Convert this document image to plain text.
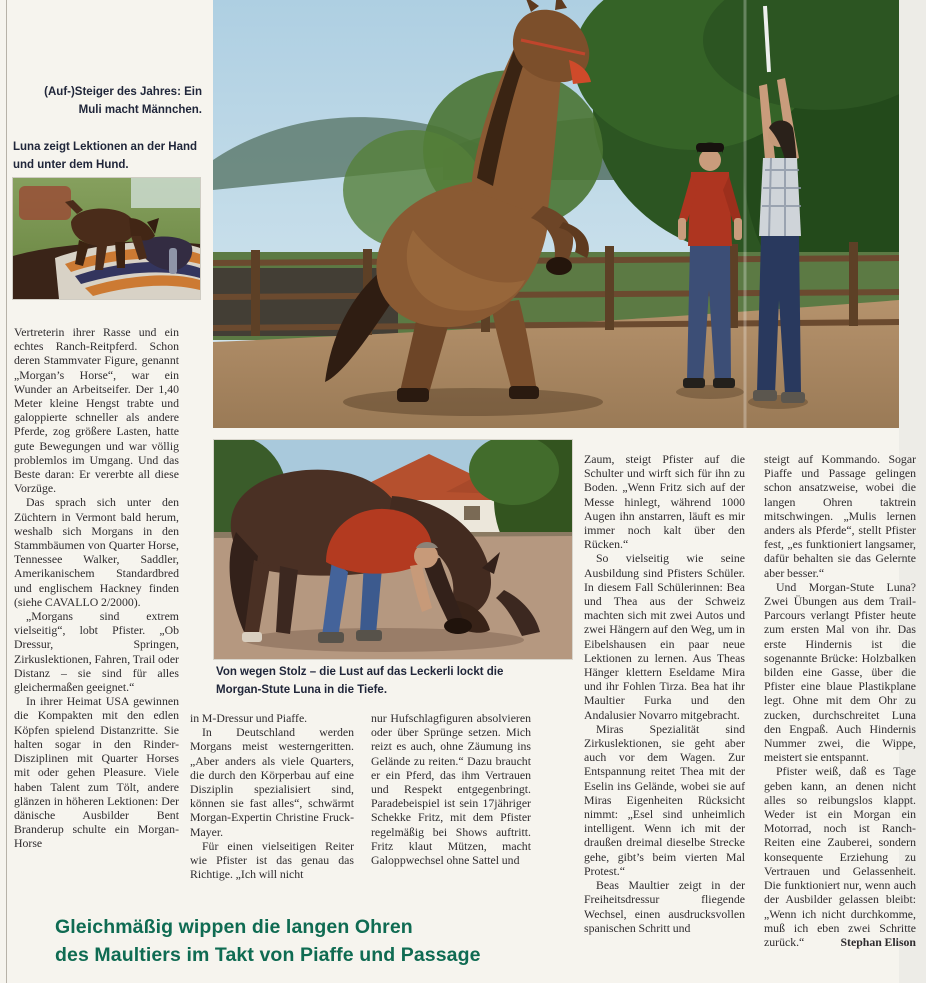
(Auf-)Steiger des Jahres: Ein Muli macht Männchen.
Luna zeigt Lektionen an der Hand und unter dem Hund.
Von wegen Stolz – die Lust auf das Leckerli lockt die Morgan-Stute Luna in die Tiefe.

Vertreterin ihrer Rasse und ein echtes Ranch-Reitpferd. Schon deren Stammvater Figure, genannt „Morgan’s Horse“, war ein Wunder an Arbeitseifer. Der 1,40 Meter kleine Hengst trabte und galoppierte schneller als andere Pferde, zog größere Lasten, hatte gute Bewegungen und war völlig problemlos im Umgang. Und das Beste daran: Er vererbte all diese Vorzüge.

Das sprach sich unter den Züchtern in Vermont bald herum, weshalb sich Morgans in den Stammbäumen von Quarter Horse, Tennessee Walker, Saddler, Amerikanischem Standardbred und englischem Hackney finden (siehe CAVALLO 2/2000).

„Morgans sind extrem vielseitig“, lobt Pfister. „Ob Dressur, Springen, Zirkuslektionen, Fahren, Trail oder Distanz – sie sind für alles gleichermaßen geeignet.“

In ihrer Heimat USA gewinnen die Kompakten mit den edlen Köpfen spielend Distanzritte. Sie halten sogar in den Rinder-Disziplinen mit Quarter Horses mit oder gehen Pleasure. Viele haben Talent zum Tölt, andere glänzen in höheren Lektionen: Der dänische Ausbilder Bent Branderup schulte ein Morgan-Horse

in M-Dressur und Piaffe.

In Deutschland werden Morgans meist westerngeritten. „Aber anders als viele Quarters, die durch den Körperbau auf eine Disziplin spezialisiert sind, können sie fast alles“, schwärmt Morgan-Expertin Christine Fruck-Mayer.

Für einen vielseitigen Reiter wie Pfister ist das genau das Richtige. „Ich will nicht

nur Hufschlagfiguren absolvieren oder über Sprünge setzen. Mich reizt es auch, ohne Zäumung ins Gelände zu reiten.“ Dazu braucht er ein Pferd, das ihm Vertrauen und Respekt entgegenbringt. Paradebeispiel ist sein 17jähriger Schekke Fritz, mit dem Pfister regelmäßig bei Shows auftritt. Fritz klaut Mützen, macht Galoppwechsel ohne Sattel und

Zaum, steigt Pfister auf die Schulter und wirft sich für ihn zu Boden. „Wenn Fritz sich auf der Messe hinlegt, während 1000 Augen ihn anstarren, läuft es mir immer noch kalt über den Rücken.“

So vielseitig wie seine Ausbildung sind Pfisters Schüler. In diesem Fall Schülerinnen: Bea und Thea aus der Schweiz machten sich mit zwei Autos und zwei Hängern auf den Weg, um in Eibelshausen ein paar neue Lektionen zu lernen. Aus Theas Hänger klettern Eseldame Mira und ihr Fohlen Tirza. Bea hat ihr Maultier Furka und den Andalusier Novarro mitgebracht.

Miras Spezialität sind Zirkuslektionen, sie geht aber auch vor dem Wagen. Zur Entspannung reitet Thea mit der Eselin ins Gelände, wobei sie auf Miras Eigenheiten Rücksicht nimmt: „Esel sind unheimlich intelligent. Wenn ich mit der draußen dreimal dieselbe Strecke gehe, gibt’s beim vierten Mal Protest.“

Beas Maultier zeigt in der Freiheitsdressur fliegende Wechsel, einen ausdrucksvollen spanischen Schritt und

steigt auf Kommando. Sogar Piaffe und Passage gelingen schon ansatzweise, wobei die langen Ohren taktrein mitschwingen. „Mulis lernen anders als Pferde“, stellt Pfister fest, „es funktioniert langsamer, dafür behalten sie das Gelernte aber besser.“

Und Morgan-Stute Luna? Zwei Übungen aus dem Trail-Parcours verlangt Pfister heute zum ersten Mal von ihr. Das erste Hindernis ist die sogenannte Brücke: Holzbalken bilden eine Gasse, über die Pfister eine blaue Plastikplane legt. Ohne mit dem Ohr zu zucken, durchschreitet Luna den Engpaß. Auch Hindernis Nummer zwei, die Wippe, meistert sie entspannt.

Pfister weiß, daß es Tage geben kann, an denen nicht alles so reibungslos klappt. Weder ist ein Morgan ein Motorrad, noch ist Ranch-Reiten eine Zauberei, sondern konsequente Erziehung zu Vertrauen und Gelassenheit. Die funktioniert nur, wenn auch der Ausbilder gelassen bleibt: „Wenn ich nicht durchkomme, muß ich eben zwei Schritte zurück.“	Stephan Elison

Gleichmäßig wippen die langen Ohren
des Maultiers im Takt von Piaffe und Passage
